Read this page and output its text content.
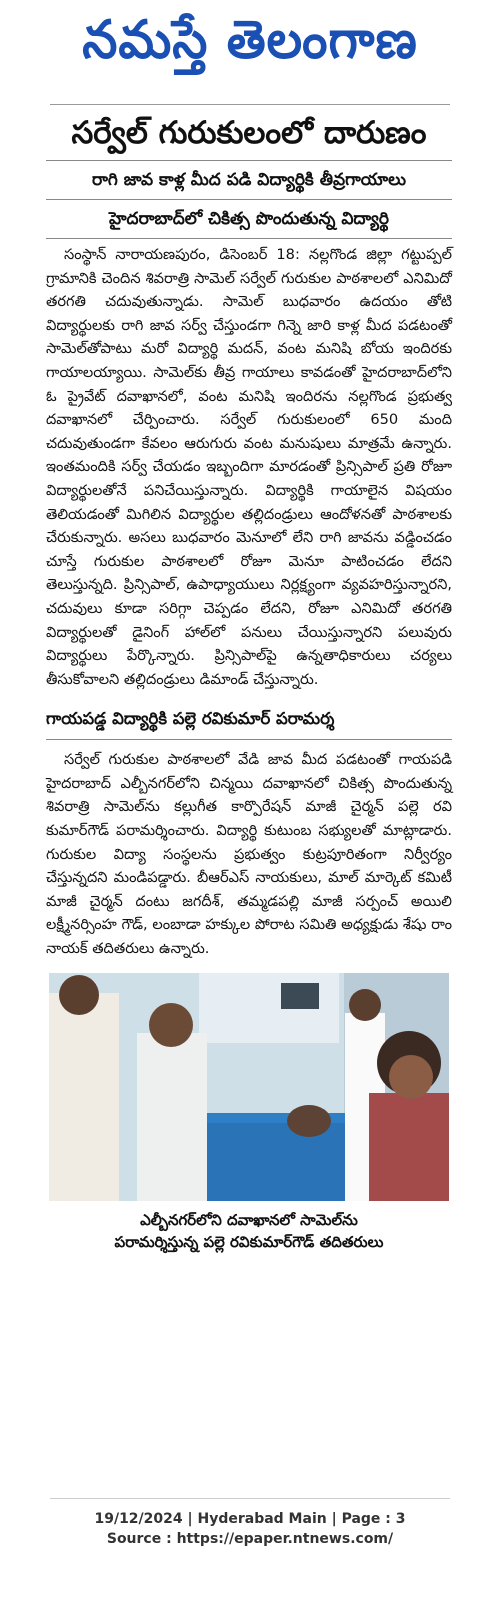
నమస్తే తెలంగాణ
సర్వేల్ గురుకులంలో దారుణం
రాగి జావ కాళ్ల మీద పడి విద్యార్థికి తీవ్రగాయాలు
హైదరాబాద్‌లో చికిత్స పొందుతున్న విద్యార్థి

సంస్థాన్ నారాయణపురం, డిసెంబర్ 18: నల్లగొండ జిల్లా గట్టుప్పల్ గ్రామానికి చెందిన శివరాత్రి సామెల్ సర్వేల్ గురుకుల పాఠశాలలో ఎనిమిదో తరగతి చదువుతున్నాడు. సామెల్ బుధవారం ఉదయం తోటి విద్యార్థులకు రాగి జావ సర్వ్ చేస్తుండగా గిన్నె జారి కాళ్ల మీద పడటంతో సామెల్‌తోపాటు మరో విద్యార్థి మదన్, వంట మనిషి బోయ ఇందిరకు గాయాలయ్యాయి. సామెల్‌కు తీవ్ర గాయాలు కావడంతో హైదరాబాద్‌లోని ఓ ప్రైవేట్ దవాఖానలో, వంట మనిషి ఇందిరను నల్లగొండ ప్రభుత్వ దవాఖానలో చేర్పించారు. సర్వేల్ గురుకులంలో 650 మంది చదువుతుండగా కేవలం ఆరుగురు వంట మనుషులు మాత్రమే ఉన్నారు. ఇంతమందికి సర్వ్ చేయడం ఇబ్బందిగా మారడంతో ప్రిన్సిపాల్ ప్రతి రోజూ విద్యార్థులతోనే పనిచేయిస్తున్నారు. విద్యార్థికి గాయాలైన విషయం తెలియడంతో మిగిలిన విద్యార్థుల తల్లిదండ్రులు ఆందోళనతో పాఠశాలకు చేరుకున్నారు. అసలు బుధవారం మెనూలో లేని రాగి జావను వడ్డించడం చూస్తే గురుకుల పాఠశాలలో రోజూ మెనూ పాటించడం లేదని తెలుస్తున్నది. ప్రిన్సిపాల్, ఉపాధ్యాయులు నిర్లక్ష్యంగా వ్యవహరిస్తున్నారని, చదువులు కూడా సరిగ్గా చెప్పడం లేదని, రోజూ ఎనిమిదో తరగతి విద్యార్థులతో డైనింగ్ హాల్‌లో పనులు చేయిస్తున్నారని పలువురు విద్యార్థులు పేర్కొన్నారు. ప్రిన్సిపాల్‌పై ఉన్నతాధికారులు చర్యలు తీసుకోవాలని తల్లిదండ్రులు డిమాండ్ చేస్తున్నారు.

గాయపడ్డ విద్యార్థికి పల్లె రవికుమార్ పరామర్శ

సర్వేల్ గురుకుల పాఠశాలలో వేడి జావ మీద పడటంతో గాయపడి హైదరాబాద్ ఎల్బీనగర్‌లోని చిన్మయి దవాఖానలో చికిత్స పొందుతున్న శివరాత్రి సామెల్‌ను కల్లుగీత కార్పొరేషన్ మాజీ చైర్మన్ పల్లె రవి కుమార్‌గౌడ్ పరామర్శించారు. విద్యార్థి కుటుంబ సభ్యులతో మాట్లాడారు. గురుకుల విద్యా సంస్థలను ప్రభుత్వం కుట్రపూరితంగా నిర్వీర్యం చేస్తున్నదని మండిపడ్డారు. బీఆర్‌ఎస్ నాయకులు, మాల్ మార్కెట్ కమిటీ మాజీ చైర్మన్ దంటు జగదీశ్, తమ్మడపల్లి మాజీ సర్పంచ్ అయిలి లక్ష్మీనర్సింహ గౌడ్, లంబాడా హక్కుల పోరాట సమితి అధ్యక్షుడు శేషు రాం నాయక్ తదితరులు ఉన్నారు.

ఎల్బీనగర్‌లోని దవాఖానలో సామెల్‌ను
పరామర్శిస్తున్న పల్లె రవికుమార్‌గౌడ్ తదితరులు
19/12/2024 | Hyderabad Main | Page : 3
Source : https://epaper.ntnews.com/
